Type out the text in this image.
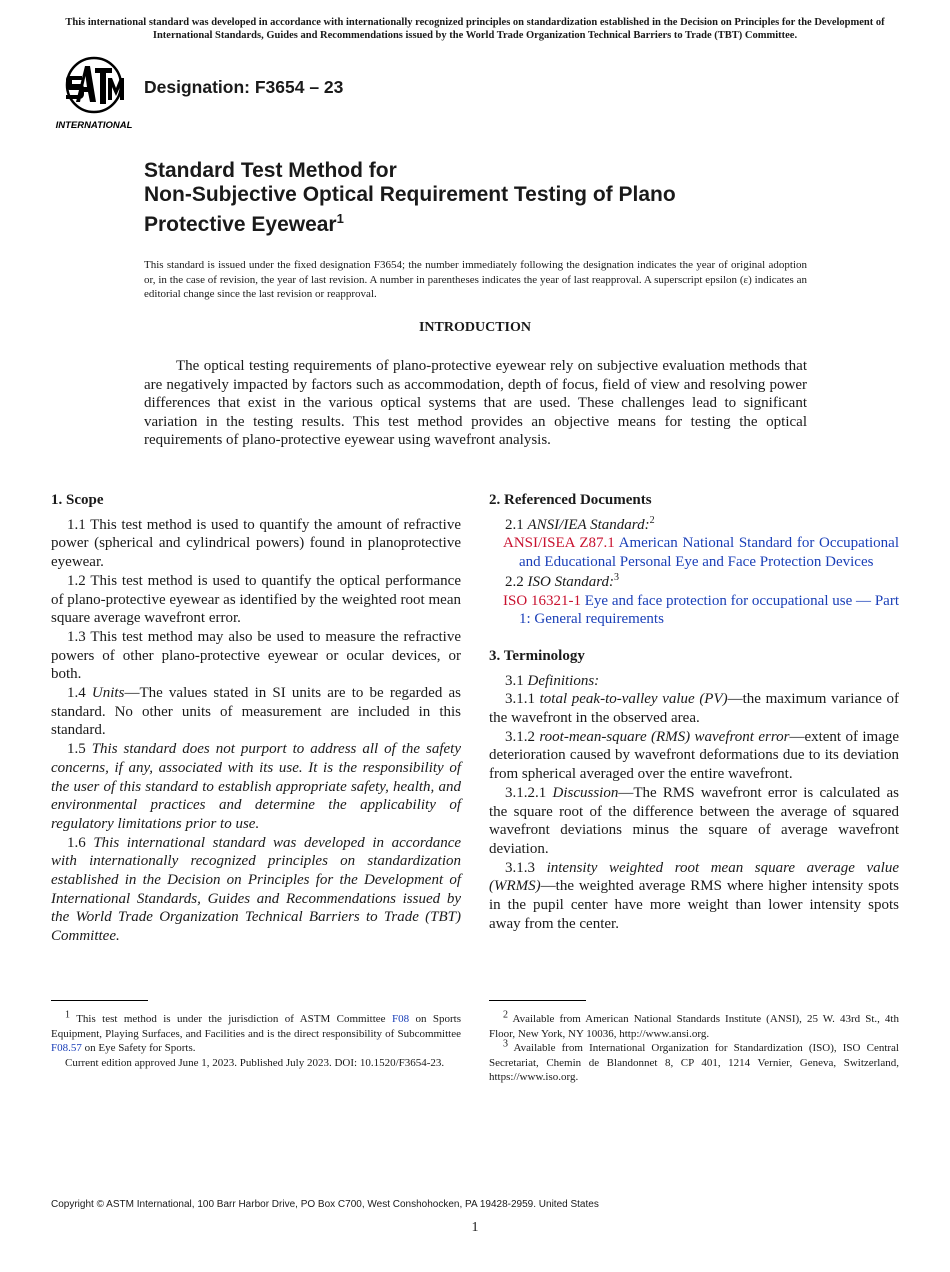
This international standard was developed in accordance with internationally recognized principles on standardization established in the Decision on Principles for the Development of International Standards, Guides and Recommendations issued by the World Trade Organization Technical Barriers to Trade (TBT) Committee.
INTERNATIONAL
Designation: F3654 – 23
Standard Test Method for
Non-Subjective Optical Requirement Testing of Plano
Protective Eyewear$^1$
This standard is issued under the fixed designation F3654; the number immediately following the designation indicates the year of original adoption or, in the case of revision, the year of last revision. A number in parentheses indicates the year of last reapproval. A superscript epsilon (ε) indicates an editorial change since the last revision or reapproval.
INTRODUCTION
The optical testing requirements of plano-protective eyewear rely on subjective evaluation methods that are negatively impacted by factors such as accommodation, depth of focus, field of view and resolving power differences that exist in the various optical systems that are used. These challenges lead to significant variation in the testing results. This test method provides an objective means for testing the optical requirements of plano-protective eyewear using wavefront analysis.
1. Scope

1.1 This test method is used to quantify the amount of refractive power (spherical and cylindrical powers) found in planoprotective eyewear.

1.2 This test method is used to quantify the optical performance of plano-protective eyewear as identified by the weighted root mean square average wavefront error.

1.3 This test method may also be used to measure the refractive powers of other plano-protective eyewear or ocular devices, or both.

1.4 Units—The values stated in SI units are to be regarded as standard. No other units of measurement are included in this standard.

1.5 This standard does not purport to address all of the safety concerns, if any, associated with its use. It is the responsibility of the user of this standard to establish appropriate safety, health, and environmental practices and determine the applicability of regulatory limitations prior to use.

1.6 This international standard was developed in accordance with internationally recognized principles on standardization established in the Decision on Principles for the Development of International Standards, Guides and Recommendations issued by the World Trade Organization Technical Barriers to Trade (TBT) Committee.

2. Referenced Documents

2.1 ANSI/IEA Standard:$^2$

ANSI/ISEA Z87.1 American National Standard for Occupational and Educational Personal Eye and Face Protection Devices

2.2 ISO Standard:$^3$

ISO 16321-1 Eye and face protection for occupational use — Part 1: General requirements

3. Terminology

3.1 Definitions:

3.1.1 total peak-to-valley value (PV)—the maximum variance of the wavefront in the observed area.

3.1.2 root-mean-square (RMS) wavefront error—extent of image deterioration caused by wavefront deformations due to its deviation from spherical averaged over the entire wavefront.

3.1.2.1 Discussion—The RMS wavefront error is calculated as the square root of the difference between the average of squared wavefront deviations minus the square of average wavefront deviation.

3.1.3 intensity weighted root mean square average value (WRMS)—the weighted average RMS where higher intensity spots in the pupil center have more weight than lower intensity spots away from the center.

1 This test method is under the jurisdiction of ASTM Committee F08 on Sports Equipment, Playing Surfaces, and Facilities and is the direct responsibility of Subcommittee F08.57 on Eye Safety for Sports.

Current edition approved June 1, 2023. Published July 2023. DOI: 10.1520/F3654-23.

2 Available from American National Standards Institute (ANSI), 25 W. 43rd St., 4th Floor, New York, NY 10036, http://www.ansi.org.

3 Available from International Organization for Standardization (ISO), ISO Central Secretariat, Chemin de Blandonnet 8, CP 401, 1214 Vernier, Geneva, Switzerland, https://www.iso.org.

Copyright © ASTM International, 100 Barr Harbor Drive, PO Box C700, West Conshohocken, PA 19428-2959. United States
1
